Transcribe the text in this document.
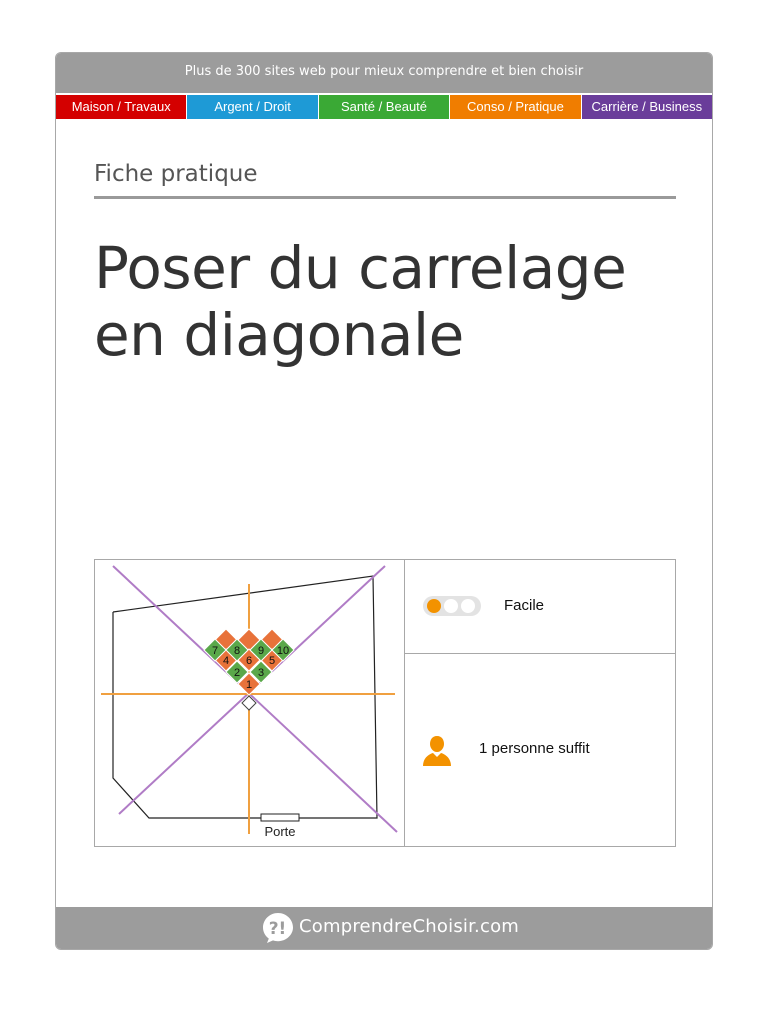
Plus de 300 sites web pour mieux comprendre et bien choisir
Maison / Travaux	Argent / Droit	Santé / Beauté	Conso / Pratique	Carrière / Business
Fiche pratique
Poser du carrelage en diagonale
Porte
1
2 3
4	5
6
7 8 9 10
Facile
1 personne suffit
?! ComprendreChoisir.com
